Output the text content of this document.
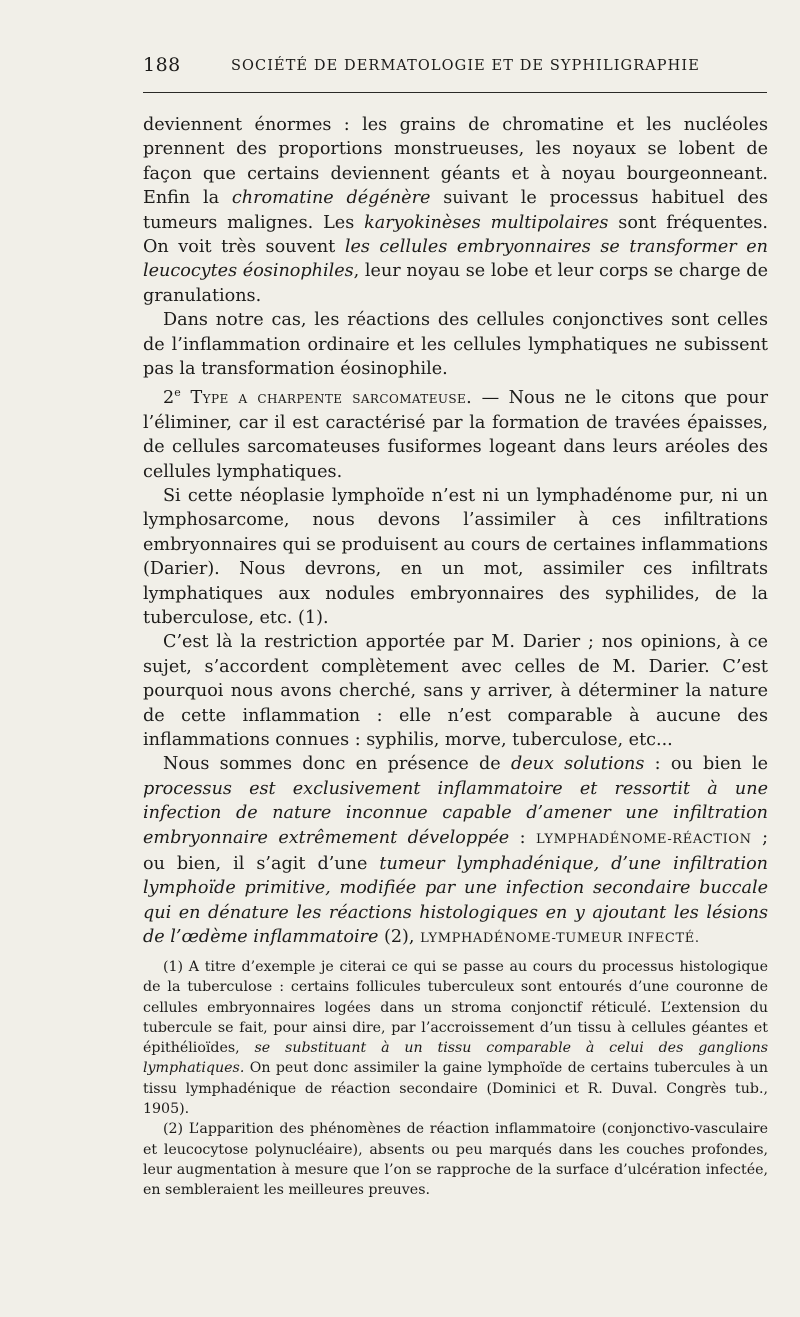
188	SOCIÉTÉ DE DERMATOLOGIE ET DE SYPHILIGRAPHIE

deviennent énormes : les grains de chromatine et les nucléoles prennent des proportions monstrueuses, les noyaux se lobent de façon que certains deviennent géants et à noyau bourgeonneant. Enfin la chromatine dégénère suivant le processus habituel des tumeurs malignes. Les karyokinèses multipolaires sont fréquentes. On voit très souvent les cellules embryonnaires se transformer en leucocytes éosinophiles, leur noyau se lobe et leur corps se charge de granulations.

Dans notre cas, les réactions des cellules conjonctives sont celles de l’inflammation ordinaire et les cellules lymphatiques ne subissent pas la transformation éosinophile.

2e Type a charpente sarcomateuse. — Nous ne le citons que pour l’éliminer, car il est caractérisé par la formation de travées épaisses, de cellules sarcomateuses fusiformes logeant dans leurs aréoles des cellules lymphatiques.

Si cette néoplasie lymphoïde n’est ni un lymphadénome pur, ni un lymphosarcome, nous devons l’assimiler à ces infiltrations embryonnaires qui se produisent au cours de certaines inflammations (Darier). Nous devrons, en un mot, assimiler ces infiltrats lymphatiques aux nodules embryonnaires des syphilides, de la tuberculose, etc. (1).

C’est là la restriction apportée par M. Darier ; nos opinions, à ce sujet, s’accordent complètement avec celles de M. Darier. C’est pourquoi nous avons cherché, sans y arriver, à déterminer la nature de cette inflammation : elle n’est comparable à aucune des inflammations connues : syphilis, morve, tuberculose, etc...

Nous sommes donc en présence de deux solutions : ou bien le processus est exclusivement inflammatoire et ressortit à une infection de nature inconnue capable d’amener une infiltration embryonnaire extrêmement développée : LYMPHADÉNOME-RÉACTION ; ou bien, il s’agit d’une tumeur lymphadénique, d’une infiltration lymphoïde primitive, modifiée par une infection secondaire buccale qui en dénature les réactions histologiques en y ajoutant les lésions de l’œdème inflammatoire (2), LYMPHADÉNOME-TUMEUR INFECTÉ.

(1) A titre d’exemple je citerai ce qui se passe au cours du processus histologique de la tuberculose : certains follicules tuberculeux sont entourés d’une couronne de cellules embryonnaires logées dans un stroma conjonctif réticulé. L’extension du tubercule se fait, pour ainsi dire, par l’accroissement d’un tissu à cellules géantes et épithélioïdes, se substituant à un tissu comparable à celui des ganglions lymphatiques. On peut donc assimiler la gaine lymphoïde de certains tubercules à un tissu lymphadénique de réaction secondaire (Dominici et R. Duval. Congrès tub., 1905).

(2) L’apparition des phénomènes de réaction inflammatoire (conjonctivo-vasculaire et leucocytose polynucléaire), absents ou peu marqués dans les couches profondes, leur augmentation à mesure que l’on se rapproche de la surface d’ulcération infectée, en sembleraient les meilleures preuves.
